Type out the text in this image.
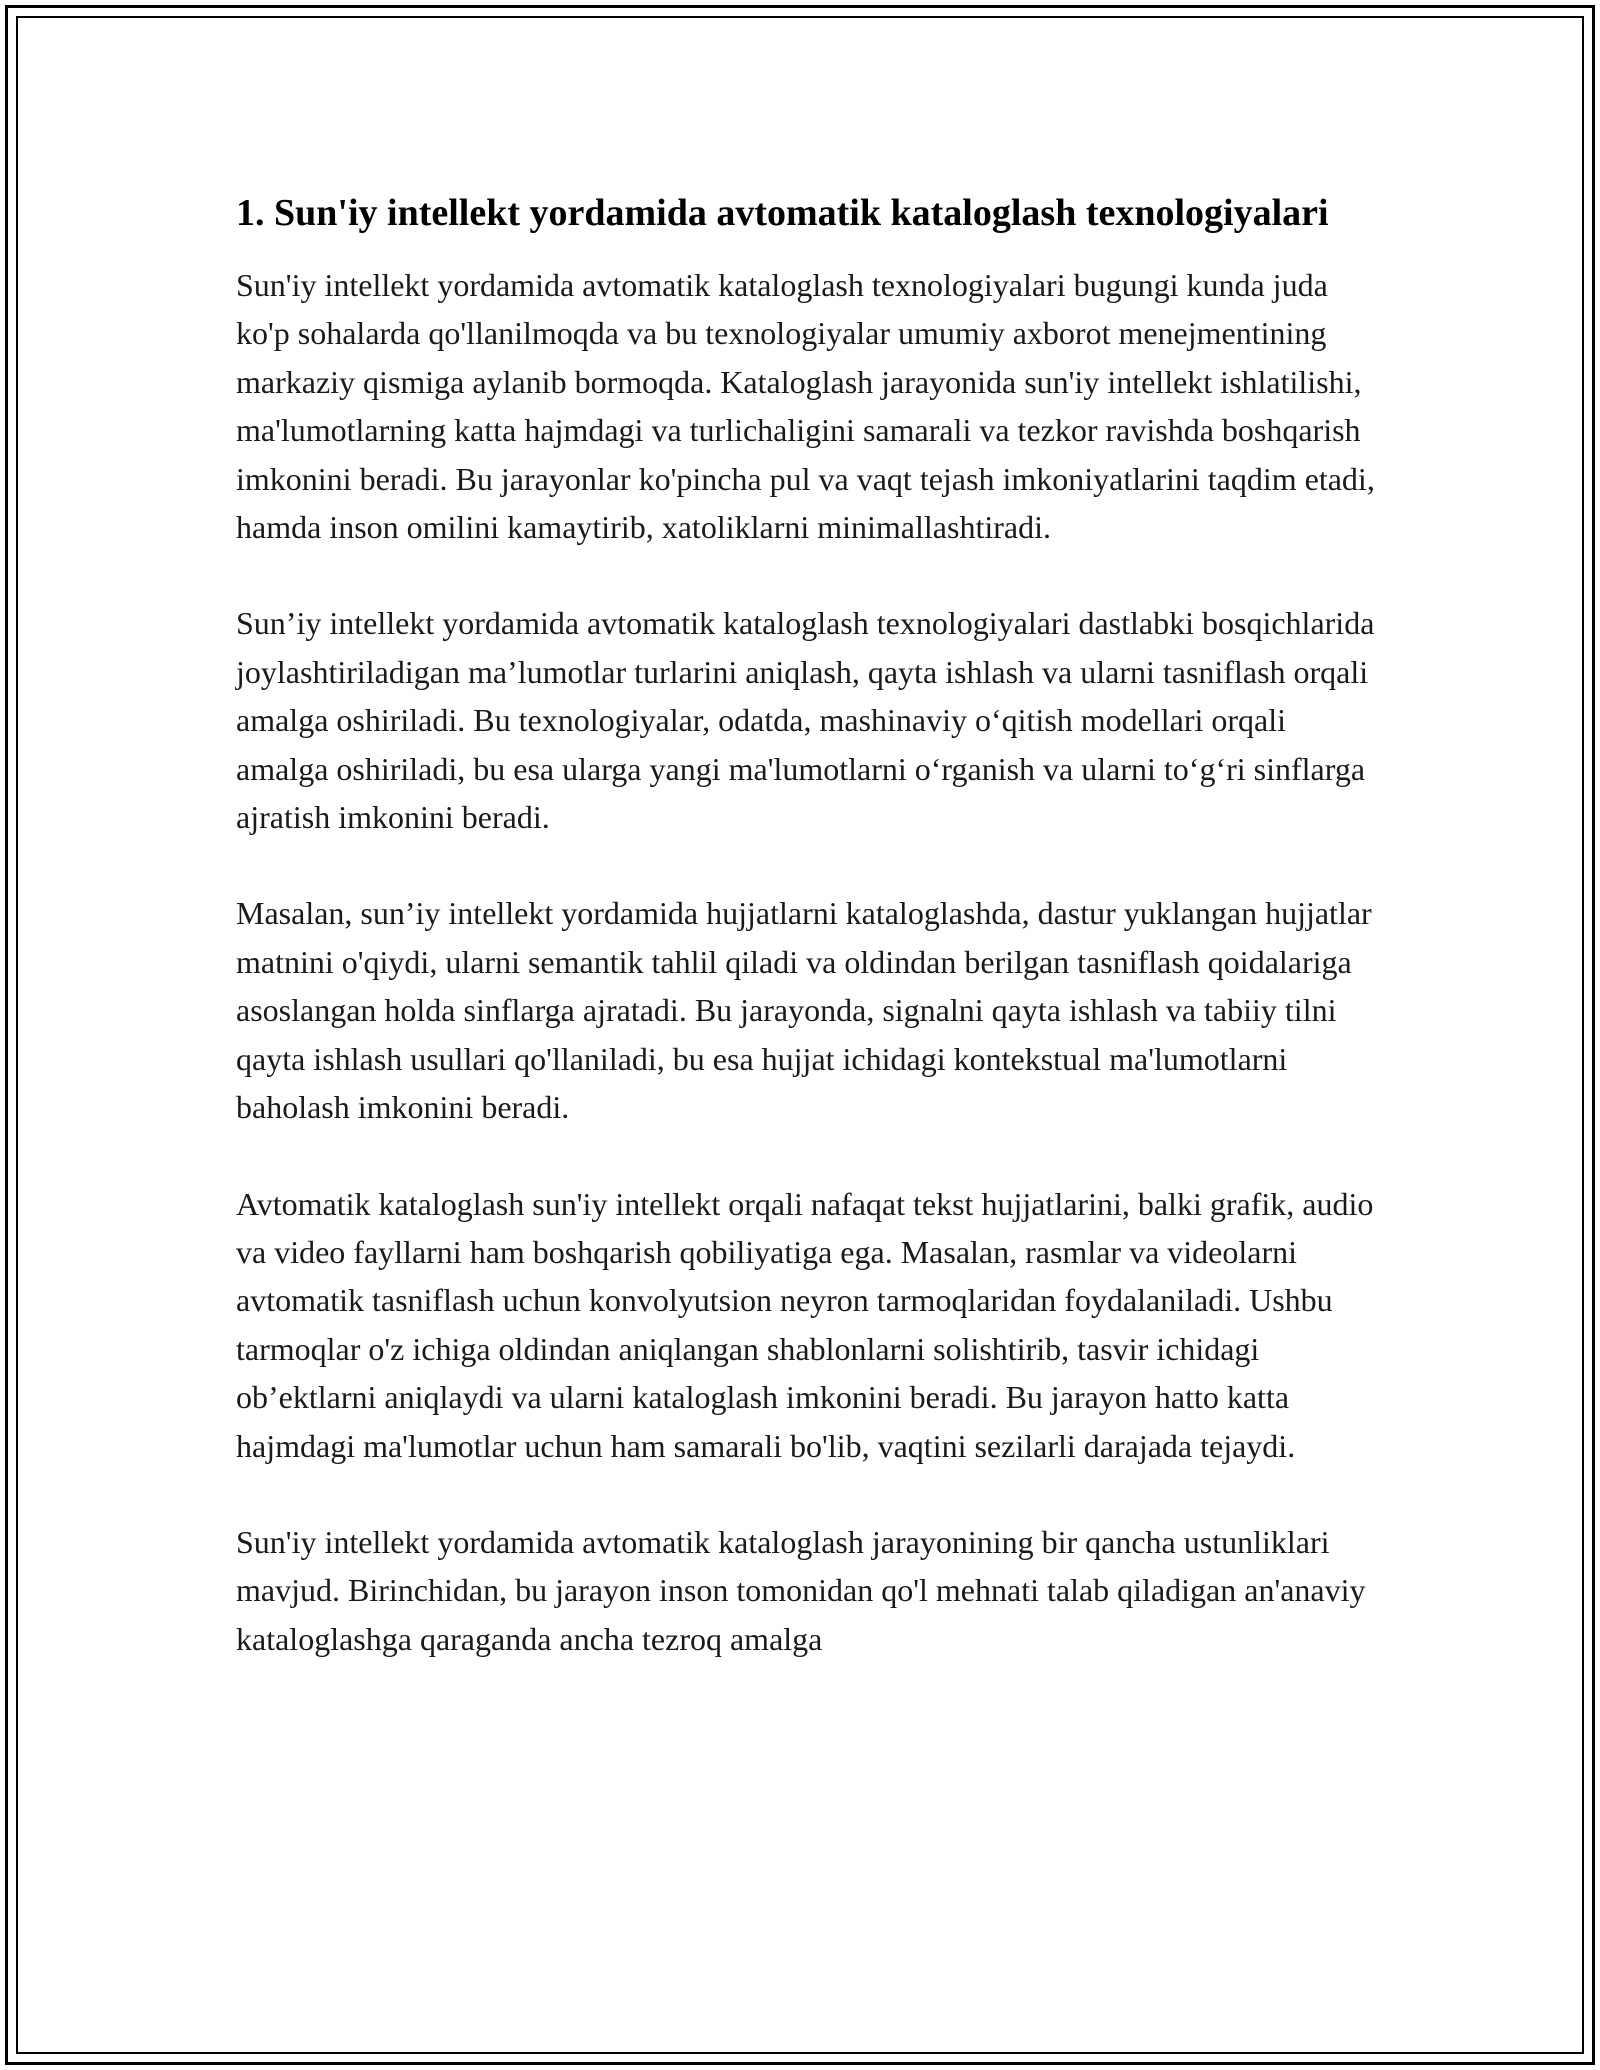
1. Sun'iy intellekt yordamida avtomatik kataloglash texnologiyalari

Sun'iy intellekt yordamida avtomatik kataloglash texnologiyalari bugungi kunda juda ko'p sohalarda qo'llanilmoqda va bu texnologiyalar umumiy axborot menejmentining markaziy qismiga aylanib bormoqda. Kataloglash jarayonida sun'iy intellekt ishlatilishi, ma'lumotlarning katta hajmdagi va turlichaligini samarali va tezkor ravishda boshqarish imkonini beradi. Bu jarayonlar ko'pincha pul va vaqt tejash imkoniyatlarini taqdim etadi, hamda inson omilini kamaytirib, xatoliklarni minimallashtiradi.

Sun’iy intellekt yordamida avtomatik kataloglash texnologiyalari dastlabki bosqichlarida joylashtiriladigan ma’lumotlar turlarini aniqlash, qayta ishlash va ularni tasniflash orqali amalga oshiriladi. Bu texnologiyalar, odatda, mashinaviy o‘qitish modellari orqali amalga oshiriladi, bu esa ularga yangi ma'lumotlarni o‘rganish va ularni to‘g‘ri sinflarga ajratish imkonini beradi.

Masalan, sun’iy intellekt yordamida hujjatlarni kataloglashda, dastur yuklangan hujjatlar matnini o'qiydi, ularni semantik tahlil qiladi va oldindan berilgan tasniflash qoidalariga asoslangan holda sinflarga ajratadi. Bu jarayonda, signalni qayta ishlash va tabiiy tilni qayta ishlash usullari qo'llaniladi, bu esa hujjat ichidagi kontekstual ma'lumotlarni baholash imkonini beradi.

Avtomatik kataloglash sun'iy intellekt orqali nafaqat tekst hujjatlarini, balki grafik, audio va video fayllarni ham boshqarish qobiliyatiga ega. Masalan, rasmlar va videolarni avtomatik tasniflash uchun konvolyutsion neyron tarmoqlaridan foydalaniladi. Ushbu tarmoqlar o'z ichiga oldindan aniqlangan shablonlarni solishtirib, tasvir ichidagi ob’ektlarni aniqlaydi va ularni kataloglash imkonini beradi. Bu jarayon hatto katta hajmdagi ma'lumotlar uchun ham samarali bo'lib, vaqtini sezilarli darajada tejaydi.

Sun'iy intellekt yordamida avtomatik kataloglash jarayonining bir qancha ustunliklari mavjud. Birinchidan, bu jarayon inson tomonidan qo'l mehnati talab qiladigan an'anaviy kataloglashga qaraganda ancha tezroq amalga
